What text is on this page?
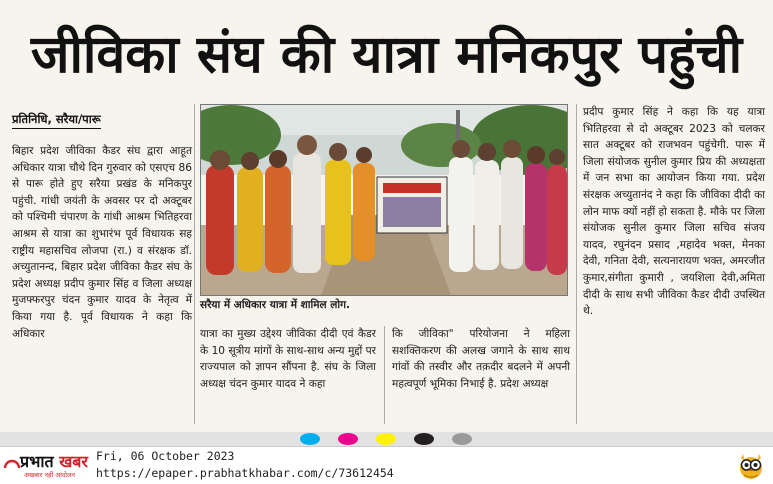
जीविका संघ की यात्रा मनिकपुर पहुंची
प्रतिनिधि, सरैया/पारू

बिहार प्रदेश जीविका कैडर संघ द्वारा आहूत अधिकार यात्रा चौथे दिन गुरुवार को एसएच 86 से पारू होते हुए सरैया प्रखंड के मनिकपुर पहुंची. गांधी जयंती के अवसर पर दो अक्टूबर को पश्चिमी चंपारण के गांधी आश्रम भितिहरवा आश्रम से यात्रा का शुभारंभ पूर्व विधायक सह राष्ट्रीय महासचिव लोजपा (रा.) व संरक्षक डॉ. अच्युतानन्द, बिहार प्रदेश जीविका कैडर संघ के प्रदेश अध्यक्ष प्रदीप कुमार सिंह व जिला अध्यक्ष मुजफ्फरपुर चंदन कुमार यादव के नेतृत्व में किया गया है. पूर्व विधायक ने कहा कि अधिकार

सरैया में अधिकार यात्रा में शामिल लोग.

यात्रा का मुख्य उद्देश्य जीविका दीदी एवं कैडर के 10 सूत्रीय मांगों के साथ-साथ अन्य मुद्दों पर राज्यपाल को ज्ञापन सौंपना है. संघ के जिला अध्यक्ष चंदन कुमार यादव ने कहा

कि जीविका" परियोजना ने महिला सशक्तिकरण की अलख जगाने के साथ साथ गांवों की तस्वीर और तक़दीर बदलने में अपनी महत्वपूर्ण भूमिका निभाई है. प्रदेश अध्यक्ष

प्रदीप कुमार सिंह ने कहा कि यह यात्रा भितिहरवा से दो अक्टूबर 2023 को चलकर सात अक्टूबर को राजभवन पहुंचेगी. पारू में जिला संयोजक सुनील कुमार प्रिय की अध्यक्षता में जन सभा का आयोजन किया गया. प्रदेश संरक्षक अच्युतानंद ने कहा कि जीविका दीदी का लोन माफ क्यों नहीं हो सकता है. मौके पर जिला संयोजक सुनील कुमार जिला सचिव संजय यादव, रघुनंदन प्रसाद ,महादेव भक्त, मेनका देवी, गनिता देवी, सत्यनारायण भक्त, अमरजीत कुमार,संगीता कुमारी , जयशिला देवी,अमिता दीदी के साथ सभी जीविका कैडर दीदी उपस्थित थे.

प्रभात खबर
अखबार नहीं आंदोलन
Fri, 06 October 2023
https://epaper.prabhatkhabar.com/c/73612454
